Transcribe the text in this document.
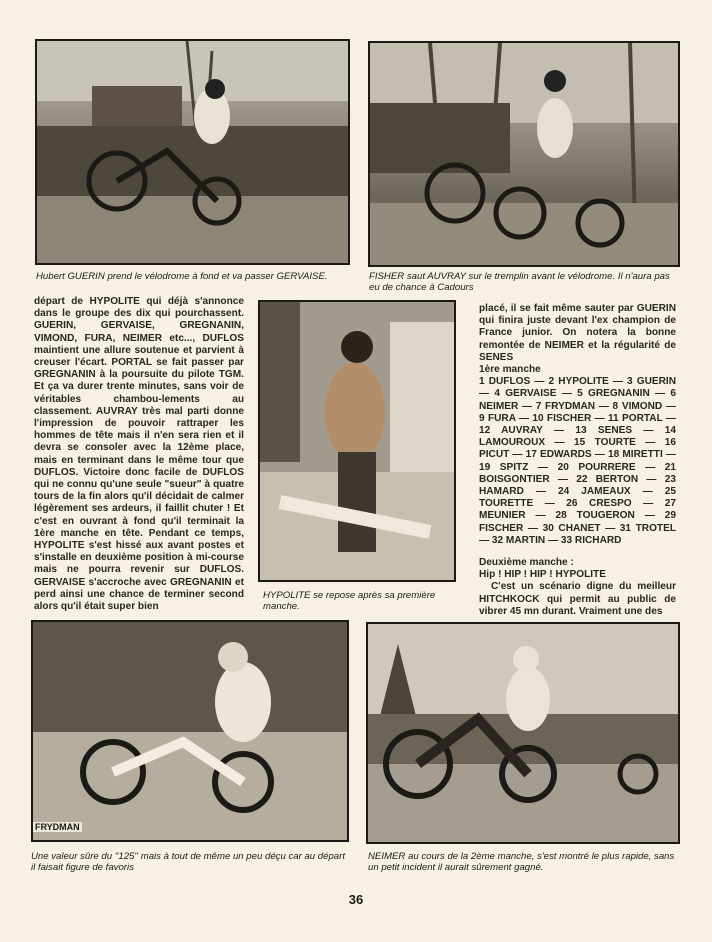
Hubert GUERIN prend le vélodrome à fond et va passer GERVAISE.	FISHER saut AUVRAY sur le tremplin avant le vélodrome. Il n'aura pas eu de chance à Cadours

départ de HYPOLITE qui déjà s'annonce dans le groupe des dix qui pourchassent. GUERIN, GERVAISE, GREGNANIN, VIMOND, FURA, NEIMER etc..., DUFLOS maintient une allure soutenue et parvient à creuser l'écart. PORTAL se fait passer par GREGNANIN à la poursuite du pilote TGM. Et ça va durer trente minutes, sans voir de véritables chambou-lements au classement. AUVRAY très mal parti donne l'impression de pouvoir rattraper les hommes de tête mais il n'en sera rien et il devra se consoler avec la 12ème place, mais en terminant dans le même tour que DUFLOS. Victoire donc facile de DUFLOS qui ne connu qu'une seule "sueur" à quatre tours de la fin alors qu'il décidait de calmer légèrement ses ardeurs, il faillit chuter ! Et c'est en ouvrant à fond qu'il terminait la 1ère manche en tête. Pendant ce temps, HYPOLITE s'est hissé aux avant postes et s'installe en deuxième position à mi-course mais ne pourra revenir sur DUFLOS. GERVAISE s'accroche avec GREGNANIN et perd ainsi une chance de terminer second alors qu'il était super bien

HYPOLITE se repose après sa première manche.

placé, il se fait même sauter par GUERIN qui finira juste devant l'ex champion de France junior. On notera la bonne remontée de NEIMER et la régularité de SENES

1ère manche

1 DUFLOS — 2 HYPOLITE — 3 GUERIN — 4 GERVAISE — 5 GREGNANIN — 6 NEIMER — 7 FRYDMAN — 8 VIMOND — 9 FURA — 10 FISCHER — 11 PORTAL — 12 AUVRAY — 13 SENES — 14 LAMOUROUX — 15 TOURTE — 16 PICUT — 17 EDWARDS — 18 MIRETTI — 19 SPITZ — 20 POURRERE — 21 BOISGONTIER — 22 BERTON — 23 HAMARD — 24 JAMEAUX — 25 TOURETTE — 26 CRESPO — 27 MEUNIER — 28 TOUGERON — 29 FISCHER — 30 CHANET — 31 TROTEL — 32 MARTIN — 33 RICHARD

Deuxième manche :

Hip ! HIP ! HIP ! HYPOLITE

C'est un scénario digne du meilleur HITCHKOCK qui permit au public de vibrer 45 mn durant. Vraiment une des

FRYDMAN
Une valeur sûre du ''125'' mais à tout de même un peu déçu car au départ il faisait figure de favoris
NEIMER au cours de la 2ème manche, s'est montré le plus rapide, sans un petit incident il aurait sûrement gagné.
36
